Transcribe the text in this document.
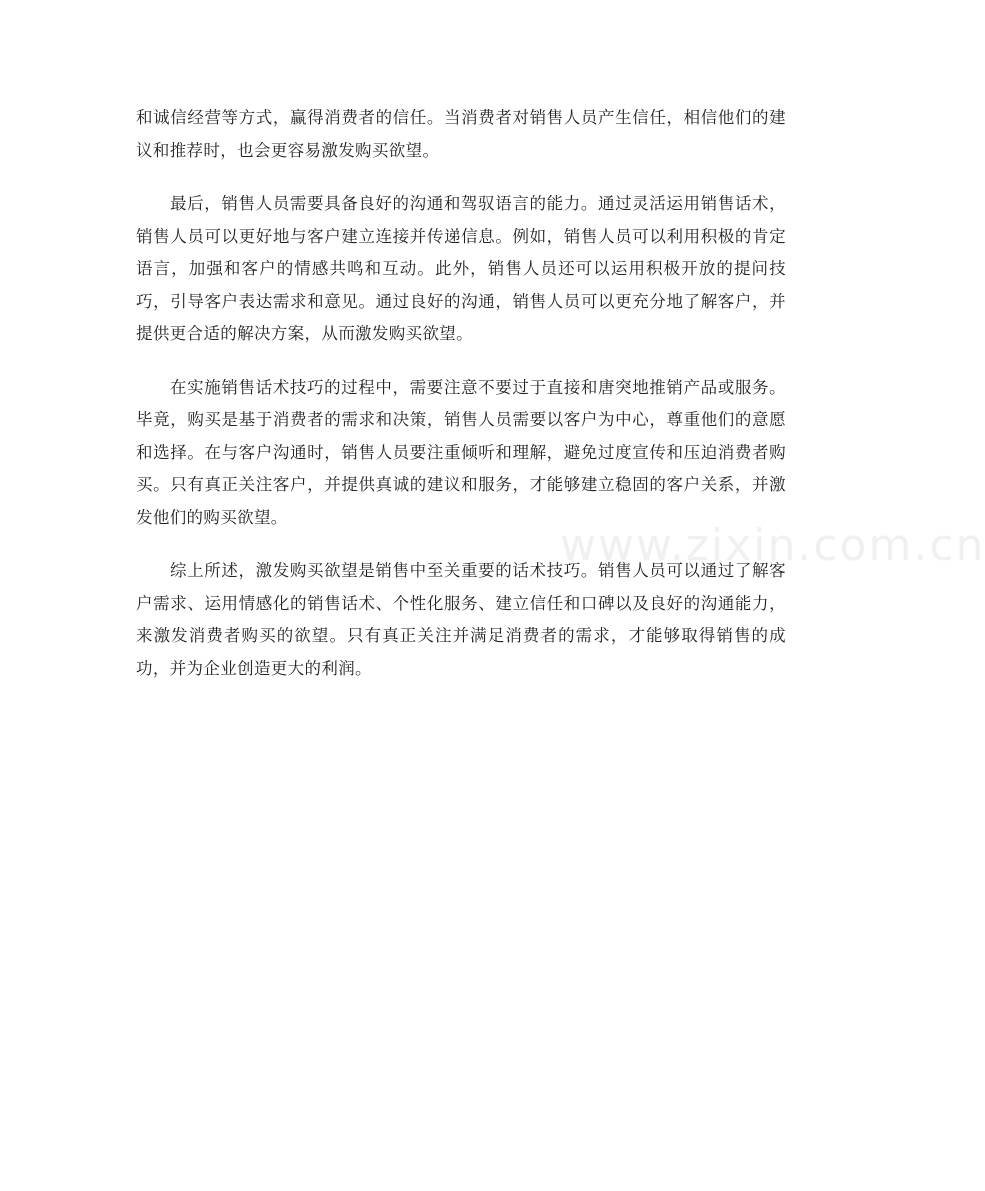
和诚信经营等方式，赢得消费者的信任。当消费者对销售人员产生信任，相信他们的建议和推荐时，也会更容易激发购买欲望。

最后，销售人员需要具备良好的沟通和驾驭语言的能力。通过灵活运用销售话术，销售人员可以更好地与客户建立连接并传递信息。例如，销售人员可以利用积极的肯定语言，加强和客户的情感共鸣和互动。此外，销售人员还可以运用积极开放的提问技巧，引导客户表达需求和意见。通过良好的沟通，销售人员可以更充分地了解客户，并提供更合适的解决方案，从而激发购买欲望。

在实施销售话术技巧的过程中，需要注意不要过于直接和唐突地推销产品或服务。毕竟，购买是基于消费者的需求和决策，销售人员需要以客户为中心，尊重他们的意愿和选择。在与客户沟通时，销售人员要注重倾听和理解，避免过度宣传和压迫消费者购买。只有真正关注客户，并提供真诚的建议和服务，才能够建立稳固的客户关系，并激发他们的购买欲望。

综上所述，激发购买欲望是销售中至关重要的话术技巧。销售人员可以通过了解客户需求、运用情感化的销售话术、个性化服务、建立信任和口碑以及良好的沟通能力，来激发消费者购买的欲望。只有真正关注并满足消费者的需求，才能够取得销售的成功，并为企业创造更大的利润。

www.zixin.com.cn
